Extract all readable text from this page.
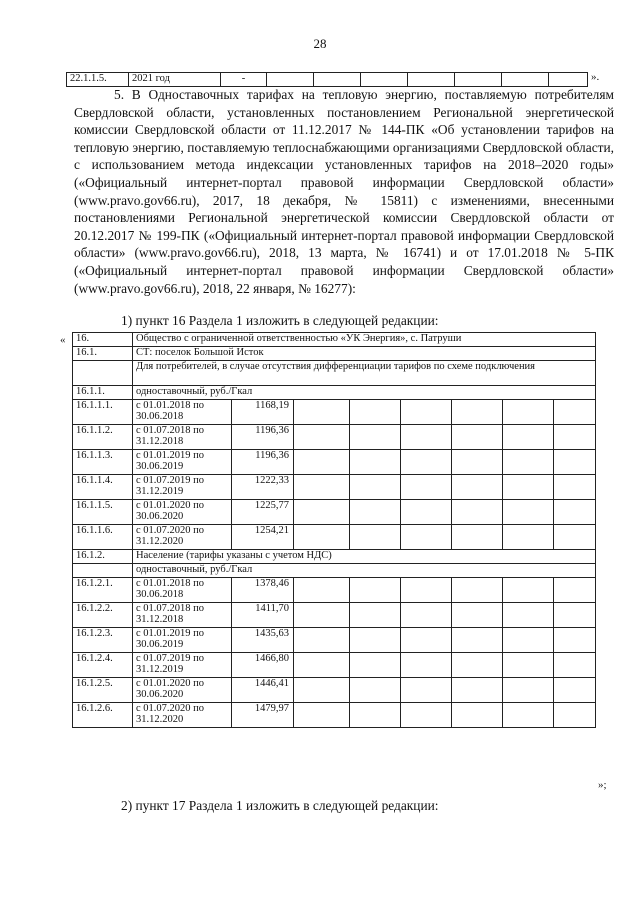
28
22.1.1.5.	2021 год	-								».

5. В Одноставочных тарифах на тепловую энергию, поставляемую потребителям Свердловской области, установленных постановлением Региональной энергетической комиссии Свердловской области от 11.12.2017 № 144-ПК «Об установлении тарифов на тепловую энергию, поставляемую теплоснабжающими организациями Свердловской области, с использованием метода индексации установленных тарифов на 2018–2020 годы» («Официальный интернет-портал правовой информации Свердловской области» (www.pravo.gov66.ru), 2017, 18 декабря, № 15811) с изменениями, внесенными постановлениями Региональной энергетической комиссии Свердловской области от 20.12.2017 № 199-ПК («Официальный интернет-портал правовой информации Свердловской области» (www.pravo.gov66.ru), 2018, 13 марта, № 16741) и от 17.01.2018 № 5-ПК («Официальный интернет-портал правовой информации Свердловской области» (www.pravo.gov66.ru), 2018, 22 января, № 16277):

1) пункт 16 Раздела 1 изложить в следующей редакции:

« 16.	Общество с ограниченной ответственностью «УК Энергия», с. Патруши							
16.1.	СТ: поселок Большой Исток							
	Для потребителей, в случае отсутствия дифференциации тарифов по схеме подключения							
16.1.1.	одноставочный, руб./Гкал							
16.1.1.1.	с 01.01.2018 по 30.06.2018	1168,19						
16.1.1.2.	с 01.07.2018 по 31.12.2018	1196,36						
16.1.1.3.	с 01.01.2019 по 30.06.2019	1196,36						
16.1.1.4.	с 01.07.2019 по 31.12.2019	1222,33						
16.1.1.5.	с 01.01.2020 по 30.06.2020	1225,77						
16.1.1.6.	с 01.07.2020 по 31.12.2020	1254,21						
16.1.2.	Население (тарифы указаны с учетом НДС)							
	одноставочный, руб./Гкал							
16.1.2.1.	с 01.01.2018 по 30.06.2018	1378,46						
16.1.2.2.	с 01.07.2018 по 31.12.2018	1411,70						
16.1.2.3.	с 01.01.2019 по 30.06.2019	1435,63						
16.1.2.4.	с 01.07.2019 по 31.12.2019	1466,80						
16.1.2.5.	с 01.01.2020 по 30.06.2020	1446,41						
16.1.2.6.	с 01.07.2020 по 31.12.2020	1479,97						
»;

2) пункт 17 Раздела 1 изложить в следующей редакции:
